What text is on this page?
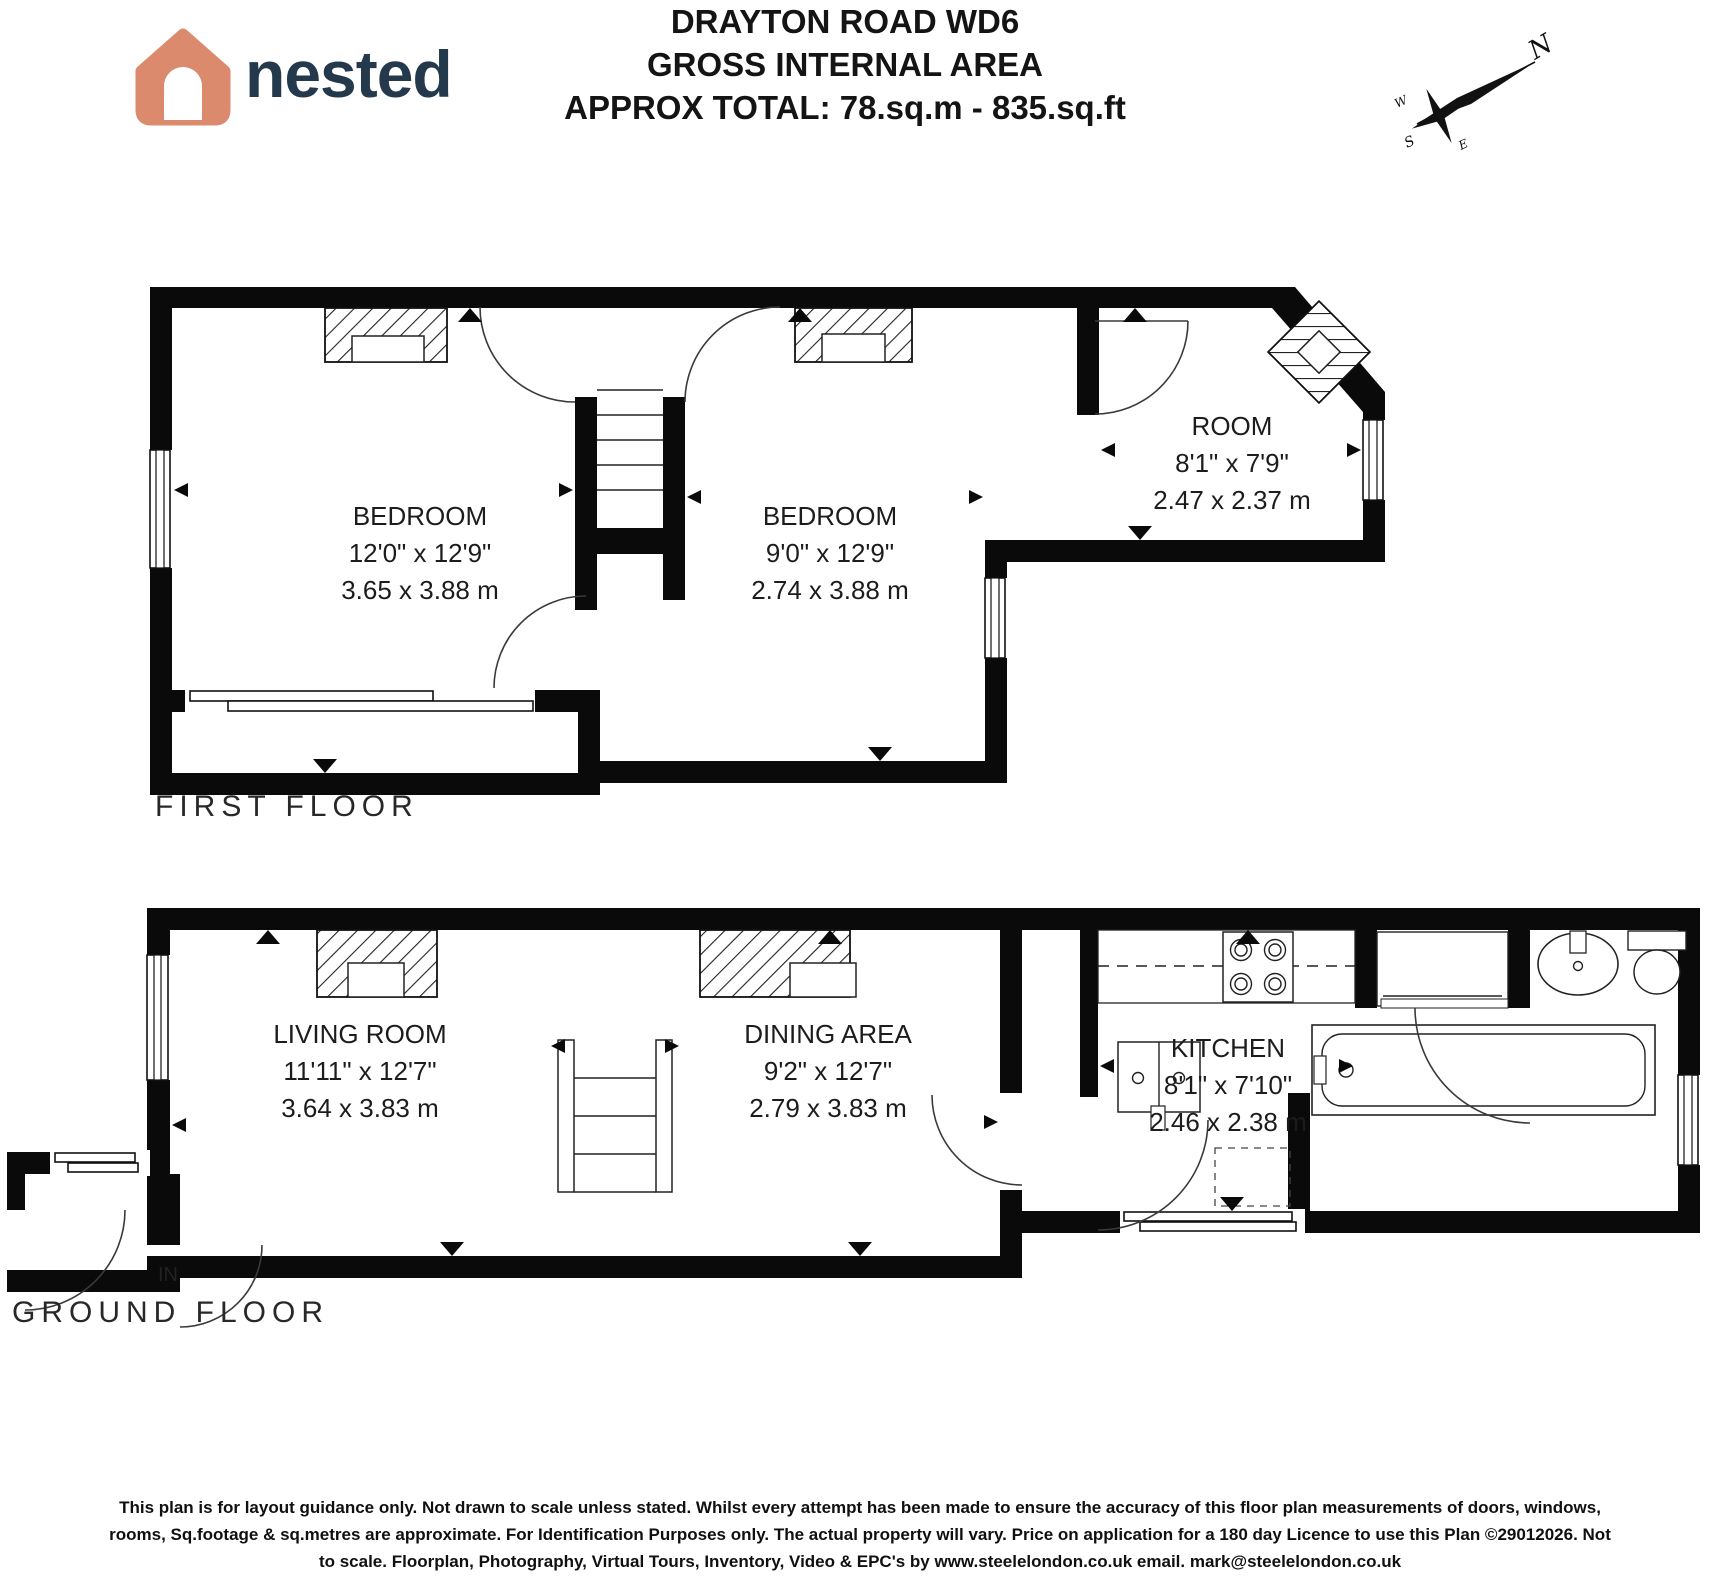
nested
DRAYTON ROAD WD6
GROSS INTERNAL AREA
APPROX TOTAL: 78.sq.m - 835.sq.ft
N
W
S	E
BEDROOM
12'0" x 12'9"
3.65 x 3.88 m
BEDROOM
9'0" x 12'9"
2.74 x 3.88 m
ROOM
8'1" x 7'9"
2.47 x 2.37 m
LIVING ROOM
11'11" x 12'7"
3.64 x 3.83 m
DINING AREA
9'2" x 12'7"
2.79 x 3.83 m
KITCHEN
8'1" x 7'10"
2.46 x 2.38 m
IN
FIRST FLOOR
GROUND FLOOR
This plan is for layout guidance only. Not drawn to scale unless stated. Whilst every attempt has been made to ensure the accuracy of this floor plan measurements of doors, windows,
rooms, Sq.footage & sq.metres are approximate. For Identification Purposes only. The actual property will vary. Price on application for a 180 day Licence to use this Plan ©29012026. Not
to scale. Floorplan, Photography, Virtual Tours, Inventory, Video & EPC's by www.steelelondon.co.uk email. mark@steelelondon.co.uk
